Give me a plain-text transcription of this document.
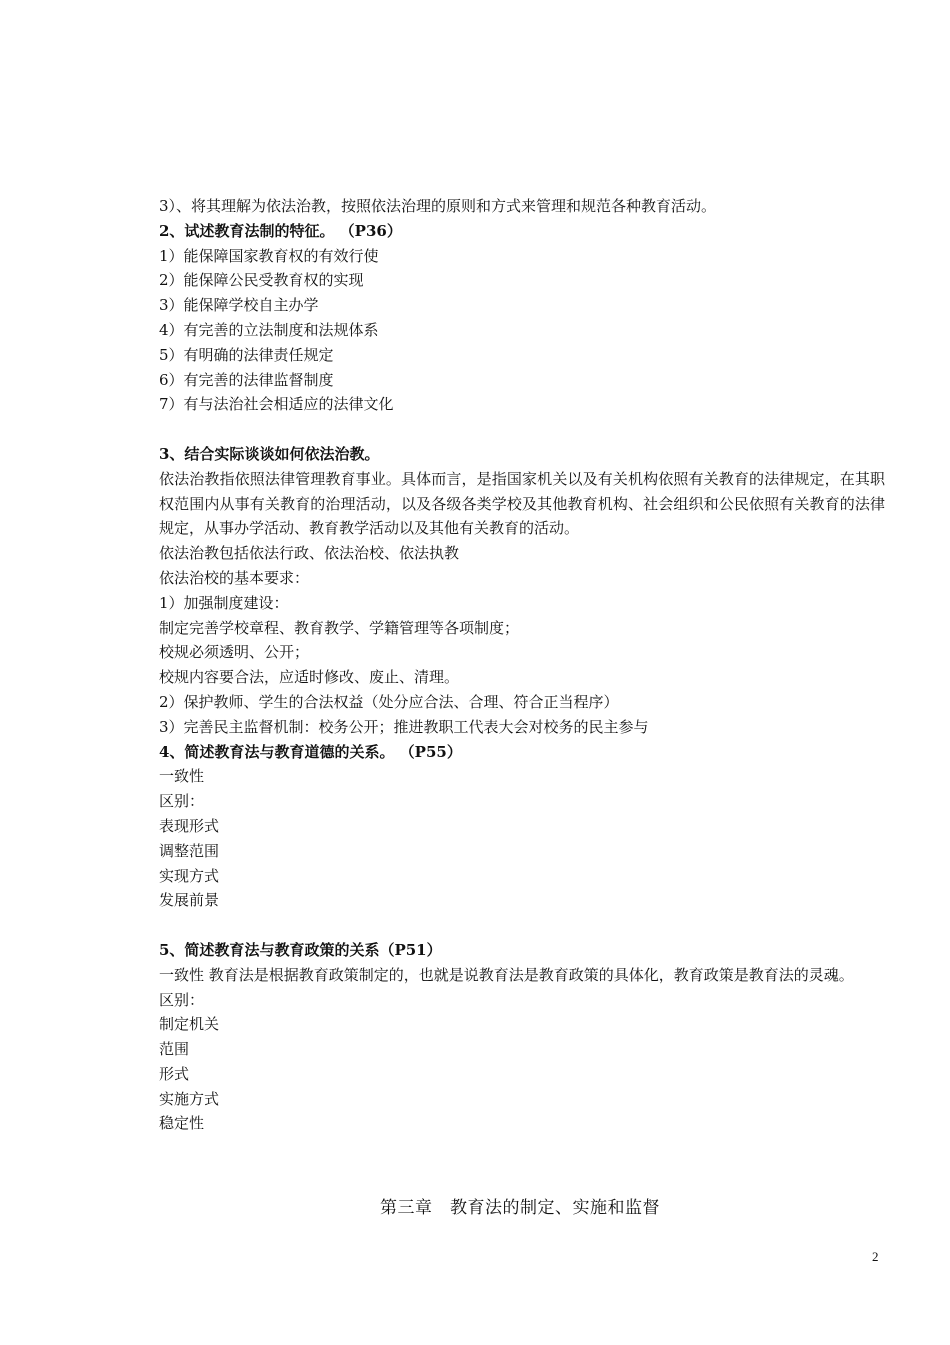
3）、将其理解为依法治教，按照依法治理的原则和方式来管理和规范各种教育活动。
2、试述教育法制的特征。 （P36）
1）能保障国家教育权的有效行使
2）能保障公民受教育权的实现
3）能保障学校自主办学
4）有完善的立法制度和法规体系
5）有明确的法律责任规定
6）有完善的法律监督制度
7）有与法治社会相适应的法律文化
3、结合实际谈谈如何依法治教。
依法治教指依照法律管理教育事业。具体而言，是指国家机关以及有关机构依照有关教育的法律规定，在其职权范围内从事有关教育的治理活动，以及各级各类学校及其他教育机构、社会组织和公民依照有关教育的法律规定，从事办学活动、教育教学活动以及其他有关教育的活动。
依法治教包括依法行政、依法治校、依法执教
依法治校的基本要求：
1）加强制度建设：
制定完善学校章程、教育教学、学籍管理等各项制度；
校规必须透明、公开；
校规内容要合法，应适时修改、废止、清理。
2）保护教师、学生的合法权益（处分应合法、合理、符合正当程序）
3）完善民主监督机制：校务公开；推进教职工代表大会对校务的民主参与
4、简述教育法与教育道德的关系。 （P55）
一致性
区别：
表现形式
调整范围
实现方式
发展前景
5、简述教育法与教育政策的关系（P51）
一致性 教育法是根据教育政策制定的，也就是说教育法是教育政策的具体化，教育政策是教育法的灵魂。
区别：
制定机关
范围
形式
实施方式
稳定性
第三章　教育法的制定、实施和监督
2
